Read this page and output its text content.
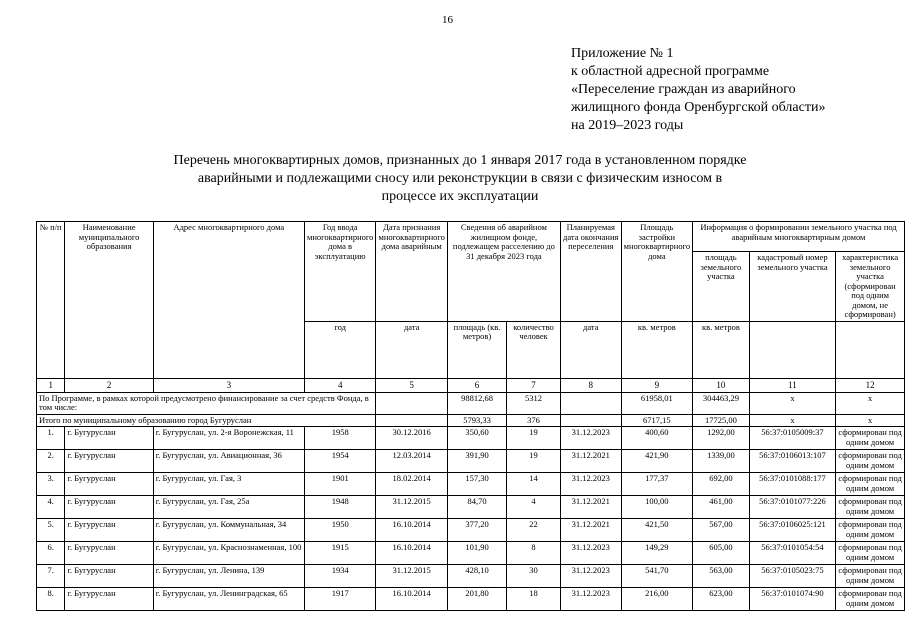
16
Приложение № 1
к областной адресной программе
«Переселение граждан из аварийного
жилищного фонда Оренбургской области»
на 2019–2023 годы
Перечень многоквартирных домов, признанных до 1 января 2017 года в установленном порядке
аварийными и подлежащими сносу или реконструкции в связи с физическим износом в
процессе их эксплуатации
№ п/п	Наименование муниципального образования	Адрес многоквартирного дома	Год ввода многоквартирного дома в эксплуатацию	Дата признания многоквартирного дома аварийным	Сведения об аварийном жилищном фонде, подлежащем расселению до 31 декабря 2023 года		Планируемая дата окончания переселения	Площадь застройки многоквартирного дома	Информация о формировании земельного участка под аварийным многоквартирным домом		
									площадь земельного участка	кадастровый номер земельного участка	характеристика земельного участка (сформирован под одним домом, не сформирован)
			год	дата	площадь (кв. метров)	количество человек	дата	кв. метров	кв. метров		
1	2	3	4	5	6	7	8	9	10	11	12
По Программе, в рамках которой предусмотрено финансирование за счет средств Фонда, в том числе:					98812,68	5312		61958,01	304463,29	x	x
Итого по муниципальному образованию город Бугуруслан					5793,33	376		6717,15	17725,00	x	x
1.	г. Бугуруслан	г. Бугуруслан, ул. 2-я Воронежская, 11	1958	30.12.2016	350,60	19	31.12.2023	400,60	1292,00	56:37:0105009:37	сформирован под одним домом
2.	г. Бугуруслан	г. Бугуруслан, ул. Авиационная, 36	1954	12.03.2014	391,90	19	31.12.2021	421,90	1339,00	56:37:0106013:107	сформирован под одним домом
3.	г. Бугуруслан	г. Бугуруслан, ул. Гая, 3	1901	18.02.2014	157,30	14	31.12.2023	177,37	692,00	56:37:0101088:177	сформирован под одним домом
4.	г. Бугуруслан	г. Бугуруслан, ул. Гая, 25а	1948	31.12.2015	84,70	4	31.12.2021	100,00	461,00	56:37:0101077:226	сформирован под одним домом
5.	г. Бугуруслан	г. Бугуруслан, ул. Коммунальная, 34	1950	16.10.2014	377,20	22	31.12.2021	421,50	567,00	56:37:0106025:121	сформирован под одним домом
6.	г. Бугуруслан	г. Бугуруслан, ул. Краснознаменная, 100	1915	16.10.2014	101,90	8	31.12.2023	149,29	605,00	56:37:0101054:54	сформирован под одним домом
7.	г. Бугуруслан	г. Бугуруслан, ул. Ленина, 139	1934	31.12.2015	428,10	30	31.12.2023	541,70	563,00	56:37:0105023:75	сформирован под одним домом
8.	г. Бугуруслан	г. Бугуруслан, ул. Ленинградская, 65	1917	16.10.2014	201,80	18	31.12.2023	216,00	623,00	56:37:0101074:90	сформирован под одним домом
